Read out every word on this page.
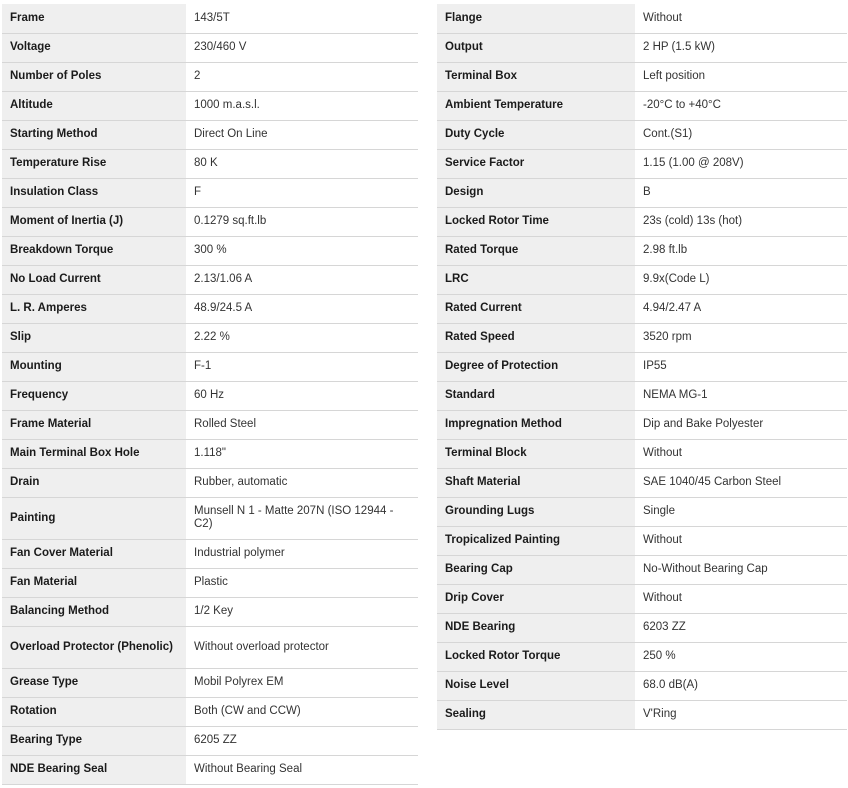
Frame	143/5T
Voltage	230/460 V
Number of Poles	2
Altitude	1000 m.a.s.l.
Starting Method	Direct On Line
Temperature Rise	80 K
Insulation Class	F
Moment of Inertia (J)	0.1279 sq.ft.lb
Breakdown Torque	300 %
No Load Current	2.13/1.06 A
L. R. Amperes	48.9/24.5 A
Slip	2.22 %
Mounting	F-1
Frequency	60 Hz
Frame Material	Rolled Steel
Main Terminal Box Hole	1.118"
Drain	Rubber, automatic
Painting	Munsell N 1 - Matte 207N (ISO 12944 - C2)
Fan Cover Material	Industrial polymer
Fan Material	Plastic
Balancing Method	1/2 Key
Overload Protector (Phenolic)	Without overload protector
Grease Type	Mobil Polyrex EM
Rotation	Both (CW and CCW)
Bearing Type	6205 ZZ
NDE Bearing Seal	Without Bearing Seal
Flange	Without
Output	2 HP (1.5 kW)
Terminal Box	Left position
Ambient Temperature	-20°C to +40°C
Duty Cycle	Cont.(S1)
Service Factor	1.15 (1.00 @ 208V)
Design	B
Locked Rotor Time	23s (cold) 13s (hot)
Rated Torque	2.98 ft.lb
LRC	9.9x(Code L)
Rated Current	4.94/2.47 A
Rated Speed	3520 rpm
Degree of Protection	IP55
Standard	NEMA MG-1
Impregnation Method	Dip and Bake Polyester
Terminal Block	Without
Shaft Material	SAE 1040/45 Carbon Steel
Grounding Lugs	Single
Tropicalized Painting	Without
Bearing Cap	No-Without Bearing Cap
Drip Cover	Without
NDE Bearing	6203 ZZ
Locked Rotor Torque	250 %
Noise Level	68.0 dB(A)
Sealing	V'Ring
